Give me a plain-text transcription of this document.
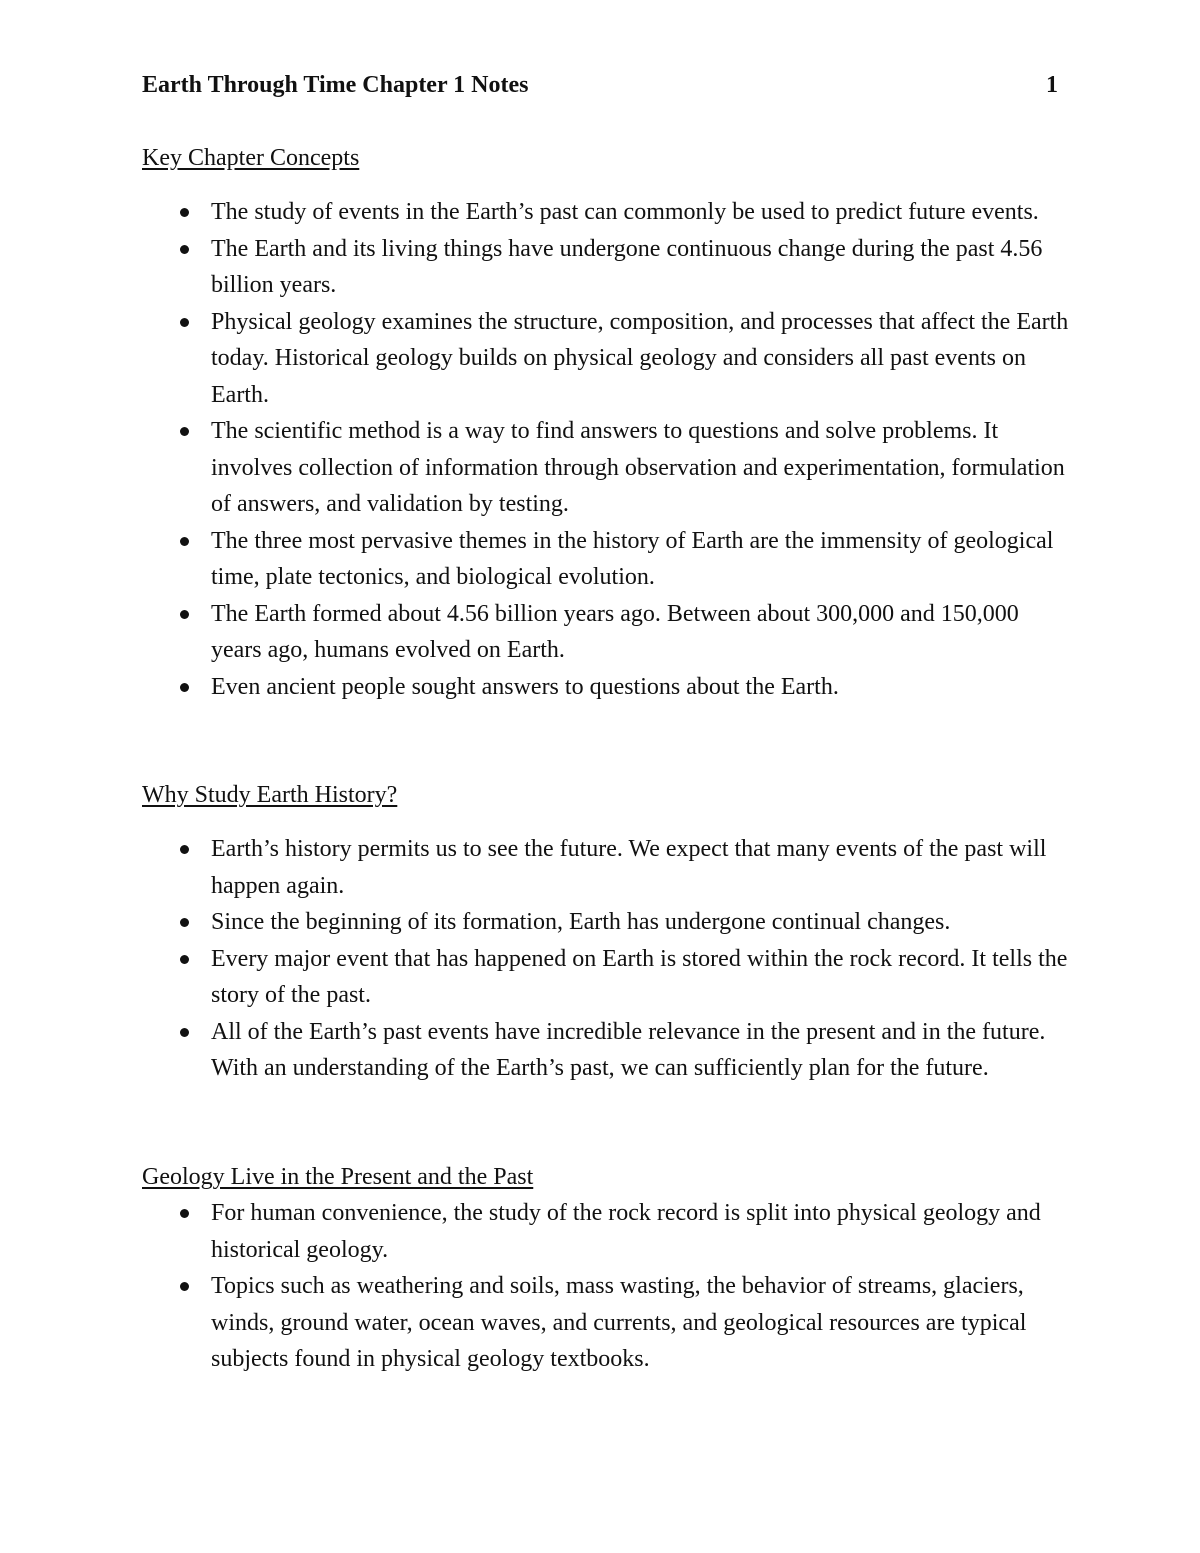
Earth Through Time Chapter 1 Notes	1
Key Chapter Concepts
The study of events in the Earth’s past can commonly be used to predict future events.
The Earth and its living things have undergone continuous change during the past 4.56 billion years.
Physical geology examines the structure, composition, and processes that affect the Earth today. Historical geology builds on physical geology and considers all past events on Earth.
The scientific method is a way to find answers to questions and solve problems. It involves collection of information through observation and experimentation, formulation of answers, and validation by testing.
The three most pervasive themes in the history of Earth are the immensity of geological time, plate tectonics, and biological evolution.
The Earth formed about 4.56 billion years ago. Between about 300,000 and 150,000 years ago, humans evolved on Earth.
Even ancient people sought answers to questions about the Earth.
Why Study Earth History?
Earth’s history permits us to see the future. We expect that many events of the past will happen again.
Since the beginning of its formation, Earth has undergone continual changes.
Every major event that has happened on Earth is stored within the rock record. It tells the story of the past.
All of the Earth’s past events have incredible relevance in the present and in the future. With an understanding of the Earth’s past, we can sufficiently plan for the future.
Geology Live in the Present and the Past
For human convenience, the study of the rock record is split into physical geology and historical geology.
Topics such as weathering and soils, mass wasting, the behavior of streams, glaciers, winds, ground water, ocean waves, and currents, and geological resources are typical subjects found in physical geology textbooks.
